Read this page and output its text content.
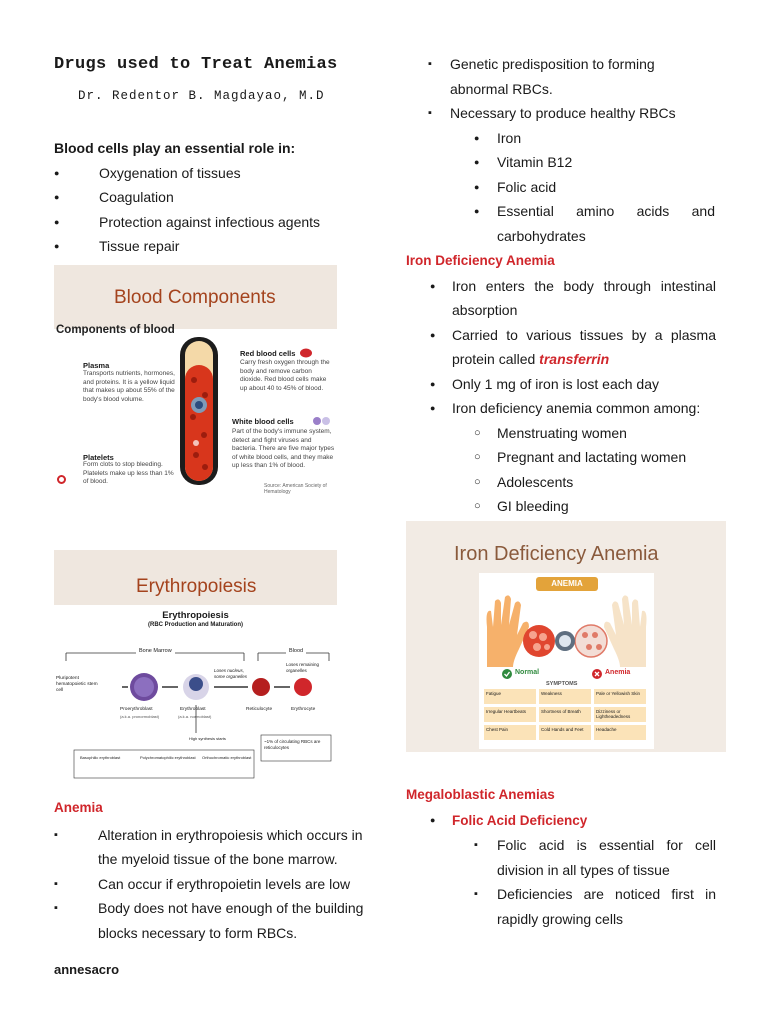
Drugs used to Treat Anemias
Dr. Redentor B. Magdayao, M.D
Blood cells play an essential role in:
● Oxygenation of tissues
● Coagulation
● Protection against infectious agents
● Tissue repair
Blood Components
Components of blood
Plasma
Transports nutrients, hormones, and proteins. It is a yellow liquid that makes up about 55% of the body's blood volume.
Platelets
Form clots to stop bleeding. Platelets make up less than 1% of blood.
Red blood cells
Carry fresh oxygen through the body and remove carbon dioxide. Red blood cells make up about 40 to 45% of blood.
White blood cells
Part of the body's immune system, detect and fight viruses and bacteria. There are five major types of white blood cells, and they make up less than 1% of blood.
Source: American Society of Hematology
Erythropoiesis
Erythropoiesis
(RBC Production and Maturation)
Bone Marrow	Blood
Pluripotent hematopoietic stem cell
Loses nucleus, some organelles
Loses remaining organelles
Proerythroblast
(a.k.a. pronormoblast)
Erythroblast
(a.k.a. normoblast)
Reticulocyte	Erythrocyte
High synthesis starts
~1% of circulating RBCs are reticulocytes
Basophilic erythroblast	Polychromatophilic erythroblast Orthochromatic erythroblast
Anemia
▪ Alteration in erythropoiesis which occurs in the myeloid tissue of the bone marrow.
▪ Can occur if erythropoietin levels are low
▪ Body does not have enough of the building blocks necessary to form RBCs.
annesacro
▪ Genetic predisposition to forming abnormal RBCs.
▪ Necessary to produce healthy RBCs
● Iron
● Vitamin B12
● Folic acid
● Essential amino acids and carbohydrates
Iron Deficiency Anemia
● Iron enters the body through intestinal absorption
● Carried to various tissues by a plasma protein called transferrin
● Only 1 mg of iron is lost each day
● Iron deficiency anemia common among:
○ Menstruating women
○ Pregnant and lactating women
○ Adolescents
○ GI bleeding
Iron Deficiency Anemia
ANEMIA
Normal	Anemia
SYMPTOMS
Fatigue	Weakness	Pale or Yellowish Skin
Irregular Heartbeats	Shortness of Breath	Dizziness or Lightheadedness
Chest Pain	Cold Hands and Feet	Headache
Megaloblastic Anemias
● Folic Acid Deficiency
▪ Folic acid is essential for cell division in all types of tissue
▪ Deficiencies are noticed first in rapidly growing cells
